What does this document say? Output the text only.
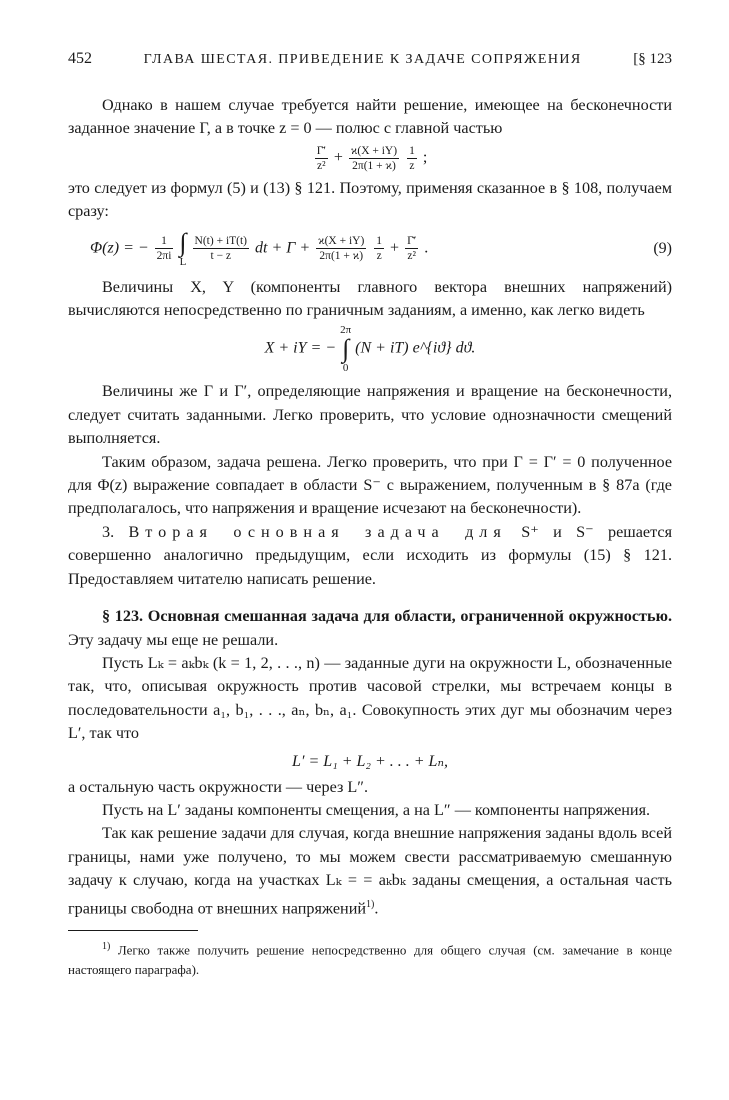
452	ГЛАВА ШЕСТАЯ. ПРИВЕДЕНИЕ К ЗАДАЧЕ СОПРЯЖЕНИЯ	[§ 123

Однако в нашем случае требуется найти решение, имеющее на бесконечности заданное значение Γ, а в точке z = 0 — полюс с главной частью

$\frac{\Gammā'}{\text{z²}} + \frac{ϰ(X + iY)}{2\pi(1 + ϰ)}$
$\frac{1}{z}$ ;

это следует из формул (5) и (13) § 121. Поэтому, применяя сказанное в § 108, получаем сразу:

Φ(z) = − $\frac{1}{2\pi i}$
∫
L $\frac{N(t) + iT(t)}{t - z}$ dt + $\Gamma + \frac{ϰ(X + iY)}{2\pi(1 + ϰ)}$
$\frac{1}{z} + \frac{\Gammā'}{\text{z²}}$ .	(9)

Величины X, Y (компоненты главного вектора внешних напряжений) вычисляются непосредственно по граничным заданиям, а именно, как легко видеть

X + iY = − 2π
∫
0 (N + iT) e^{iϑ} dϑ.

Величины же Γ и Γ′, определяющие напряжения и вращение на бесконечности, следует считать заданными. Легко проверить, что условие однозначности смещений выполняется.

Таким образом, задача решена. Легко проверить, что при Γ = Γ′ = 0 полученное для Φ(z) выражение совпадает в области S⁻ с выражением, полученным в § 87а (где предполагалось, что напряжения и вращение исчезают на бесконечности).

3. Вторая основная задача для S⁺ и S⁻ решается совершенно аналогично предыдущим, если исходить из формулы (15) § 121. Предоставляем читателю написать решение.

§ 123. Основная смешанная задача для области, ограниченной окружностью. Эту задачу мы еще не решали.

Пусть Lₖ = aₖbₖ (k = 1, 2, . . ., n) — заданные дуги на окружности L, обозначенные так, что, описывая окружность против часовой стрелки, мы встречаем концы в последовательности a₁, b₁, . . ., aₙ, bₙ, a₁. Совокупность этих дуг мы обозначим через L′, так что

L′ = L₁ + L₂ + . . . + Lₙ,

а остальную часть окружности — через L″.

Пусть на L′ заданы компоненты смещения, а на L″ — компоненты напряжения.

Так как решение задачи для случая, когда внешние напряжения заданы вдоль всей границы, нами уже получено, то мы можем свести рассматриваемую смешанную задачу к случаю, когда на участках Lₖ = = aₖbₖ заданы смещения, а остальная часть границы свободна от внешних напряжений$^{1)}$.

$^{1)}$ Легко также получить решение непосредственно для общего случая (см. замечание в конце настоящего параграфа).
